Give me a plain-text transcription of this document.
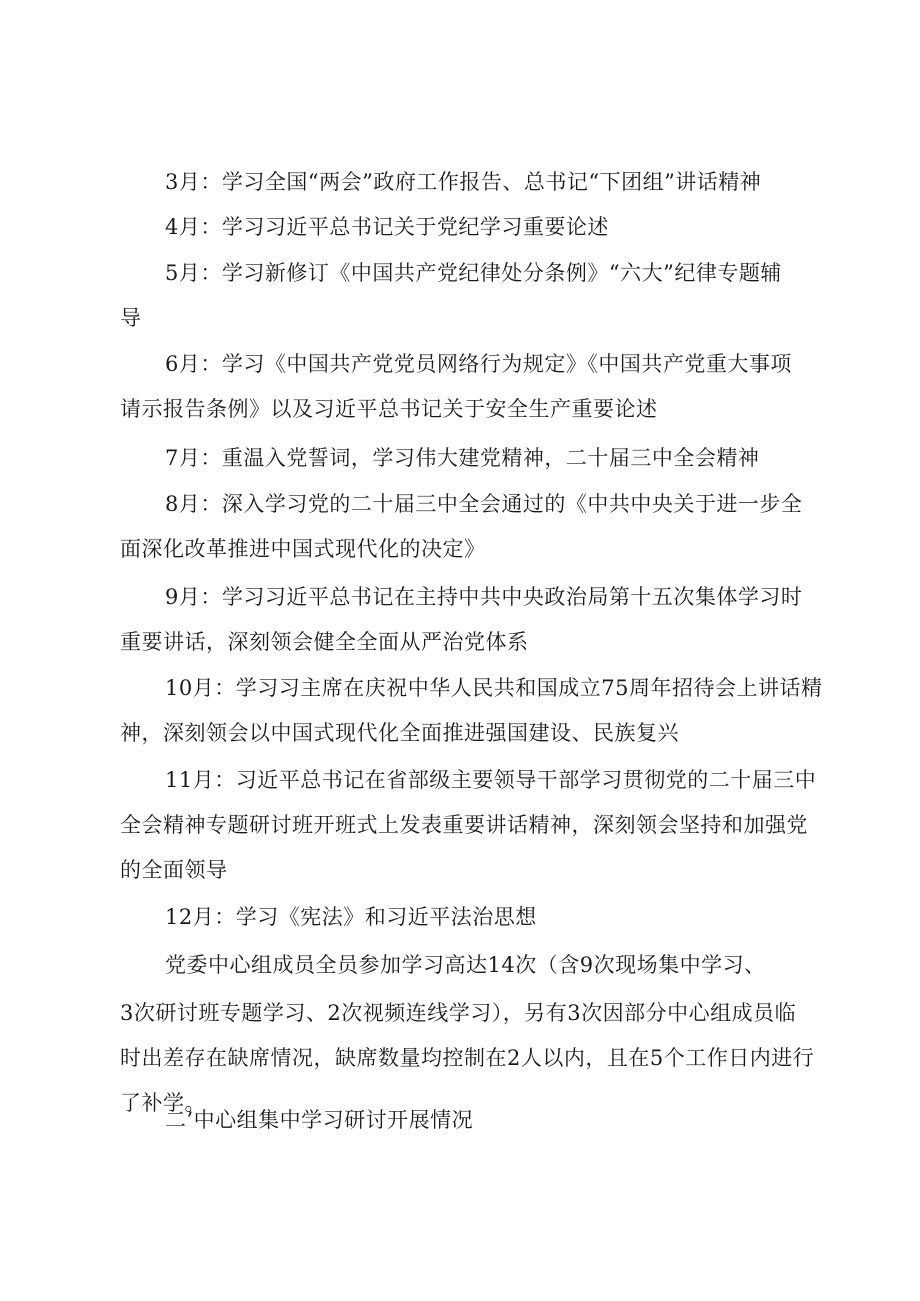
3月：学习全国“两会”政府工作报告、总书记“下团组”讲话精神
4月：学习习近平总书记关于党纪学习重要论述
5月：学习新修订《中国共产党纪律处分条例》“六大”纪律专题辅
导
6月：学习《中国共产党党员网络行为规定》《中国共产党重大事项
请示报告条例》以及习近平总书记关于安全生产重要论述
7月：重温入党誓词，学习伟大建党精神，二十届三中全会精神
8月：深入学习党的二十届三中全会通过的《中共中央关于进一步全
面深化改革推进中国式现代化的决定》
9月：学习习近平总书记在主持中共中央政治局第十五次集体学习时
重要讲话，深刻领会健全全面从严治党体系
10月：学习习主席在庆祝中华人民共和国成立75周年招待会上讲话精
神，深刻领会以中国式现代化全面推进强国建设、民族复兴
11月：习近平总书记在省部级主要领导干部学习贯彻党的二十届三中
全会精神专题研讨班开班式上发表重要讲话精神，深刻领会坚持和加强党
的全面领导
12月：学习《宪法》和习近平法治思想
党委中心组成员全员参加学习高达14次（含9次现场集中学习、
3次研讨班专题学习、2次视频连线学习），另有3次因部分中心组成员临
时出差存在缺席情况，缺席数量均控制在2人以内，且在5个工作日内进行
了补学。
二’中心组集中学习研讨开展情况
